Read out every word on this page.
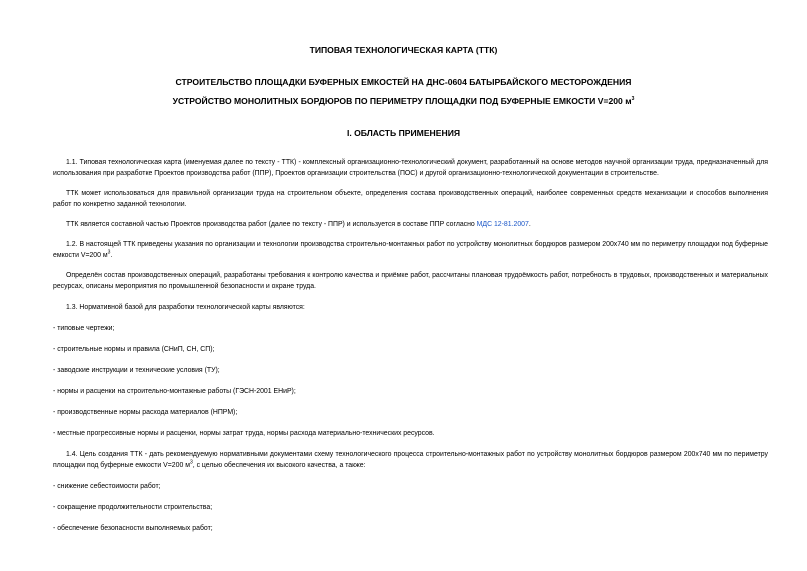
ТИПОВАЯ ТЕХНОЛОГИЧЕСКАЯ КАРТА (ТТК)

СТРОИТЕЛЬСТВО ПЛОЩАДКИ БУФЕРНЫХ ЕМКОСТЕЙ НА ДНС-0604 БАТЫРБАЙСКОГО МЕСТОРОЖДЕНИЯ

УСТРОЙСТВО МОНОЛИТНЫХ БОРДЮРОВ ПО ПЕРИМЕТРУ ПЛОЩАДКИ ПОД БУФЕРНЫЕ ЕМКОСТИ V=200 $м^3$

I. ОБЛАСТЬ ПРИМЕНЕНИЯ

1.1. Типовая технологическая карта (именуемая далее по тексту - ТТК) - комплексный организационно-технологический документ, разработанный на основе методов научной организации труда, предназначенный для использования при разработке Проектов производства работ (ППР), Проектов организации строительства (ПОС) и другой организационно-технологической документации в строительстве.

ТТК может использоваться для правильной организации труда на строительном объекте, определения состава производственных операций, наиболее современных средств механизации и способов выполнения работ по конкретно заданной технологии.

ТТК является составной частью Проектов производства работ (далее по тексту - ППР) и используется в составе ППР согласно МДС 12-81.2007.

1.2. В настоящей ТТК приведены указания по организации и технологии производства строительно-монтажных работ по устройству монолитных бордюров размером 200х740 мм по периметру площадки под буферные емкости V=200 $м^3$.

Определён состав производственных операций, разработаны требования к контролю качества и приёмке работ, рассчитаны плановая трудоёмкость работ, потребность в трудовых, производственных и материальных ресурсах, описаны мероприятия по промышленной безопасности и охране труда.

1.3. Нормативной базой для разработки технологической карты являются:

- типовые чертежи;

- строительные нормы и правила (СНиП, СН, СП);

- заводские инструкции и технические условия (ТУ);

- нормы и расценки на строительно-монтажные работы (ГЭСН-2001 ЕНиР);

- производственные нормы расхода материалов (НПРМ);

- местные прогрессивные нормы и расценки, нормы затрат труда, нормы расхода материально-технических ресурсов.

1.4. Цель создания ТТК - дать рекомендуемую нормативными документами схему технологического процесса строительно-монтажных работ по устройству монолитных бордюров размером 200х740 мм по периметру площадки под буферные емкости V=200 $м^3$, с целью обеспечения их высокого качества, а также:

- снижение себестоимости работ;

- сокращение продолжительности строительства;

- обеспечение безопасности выполняемых работ;
